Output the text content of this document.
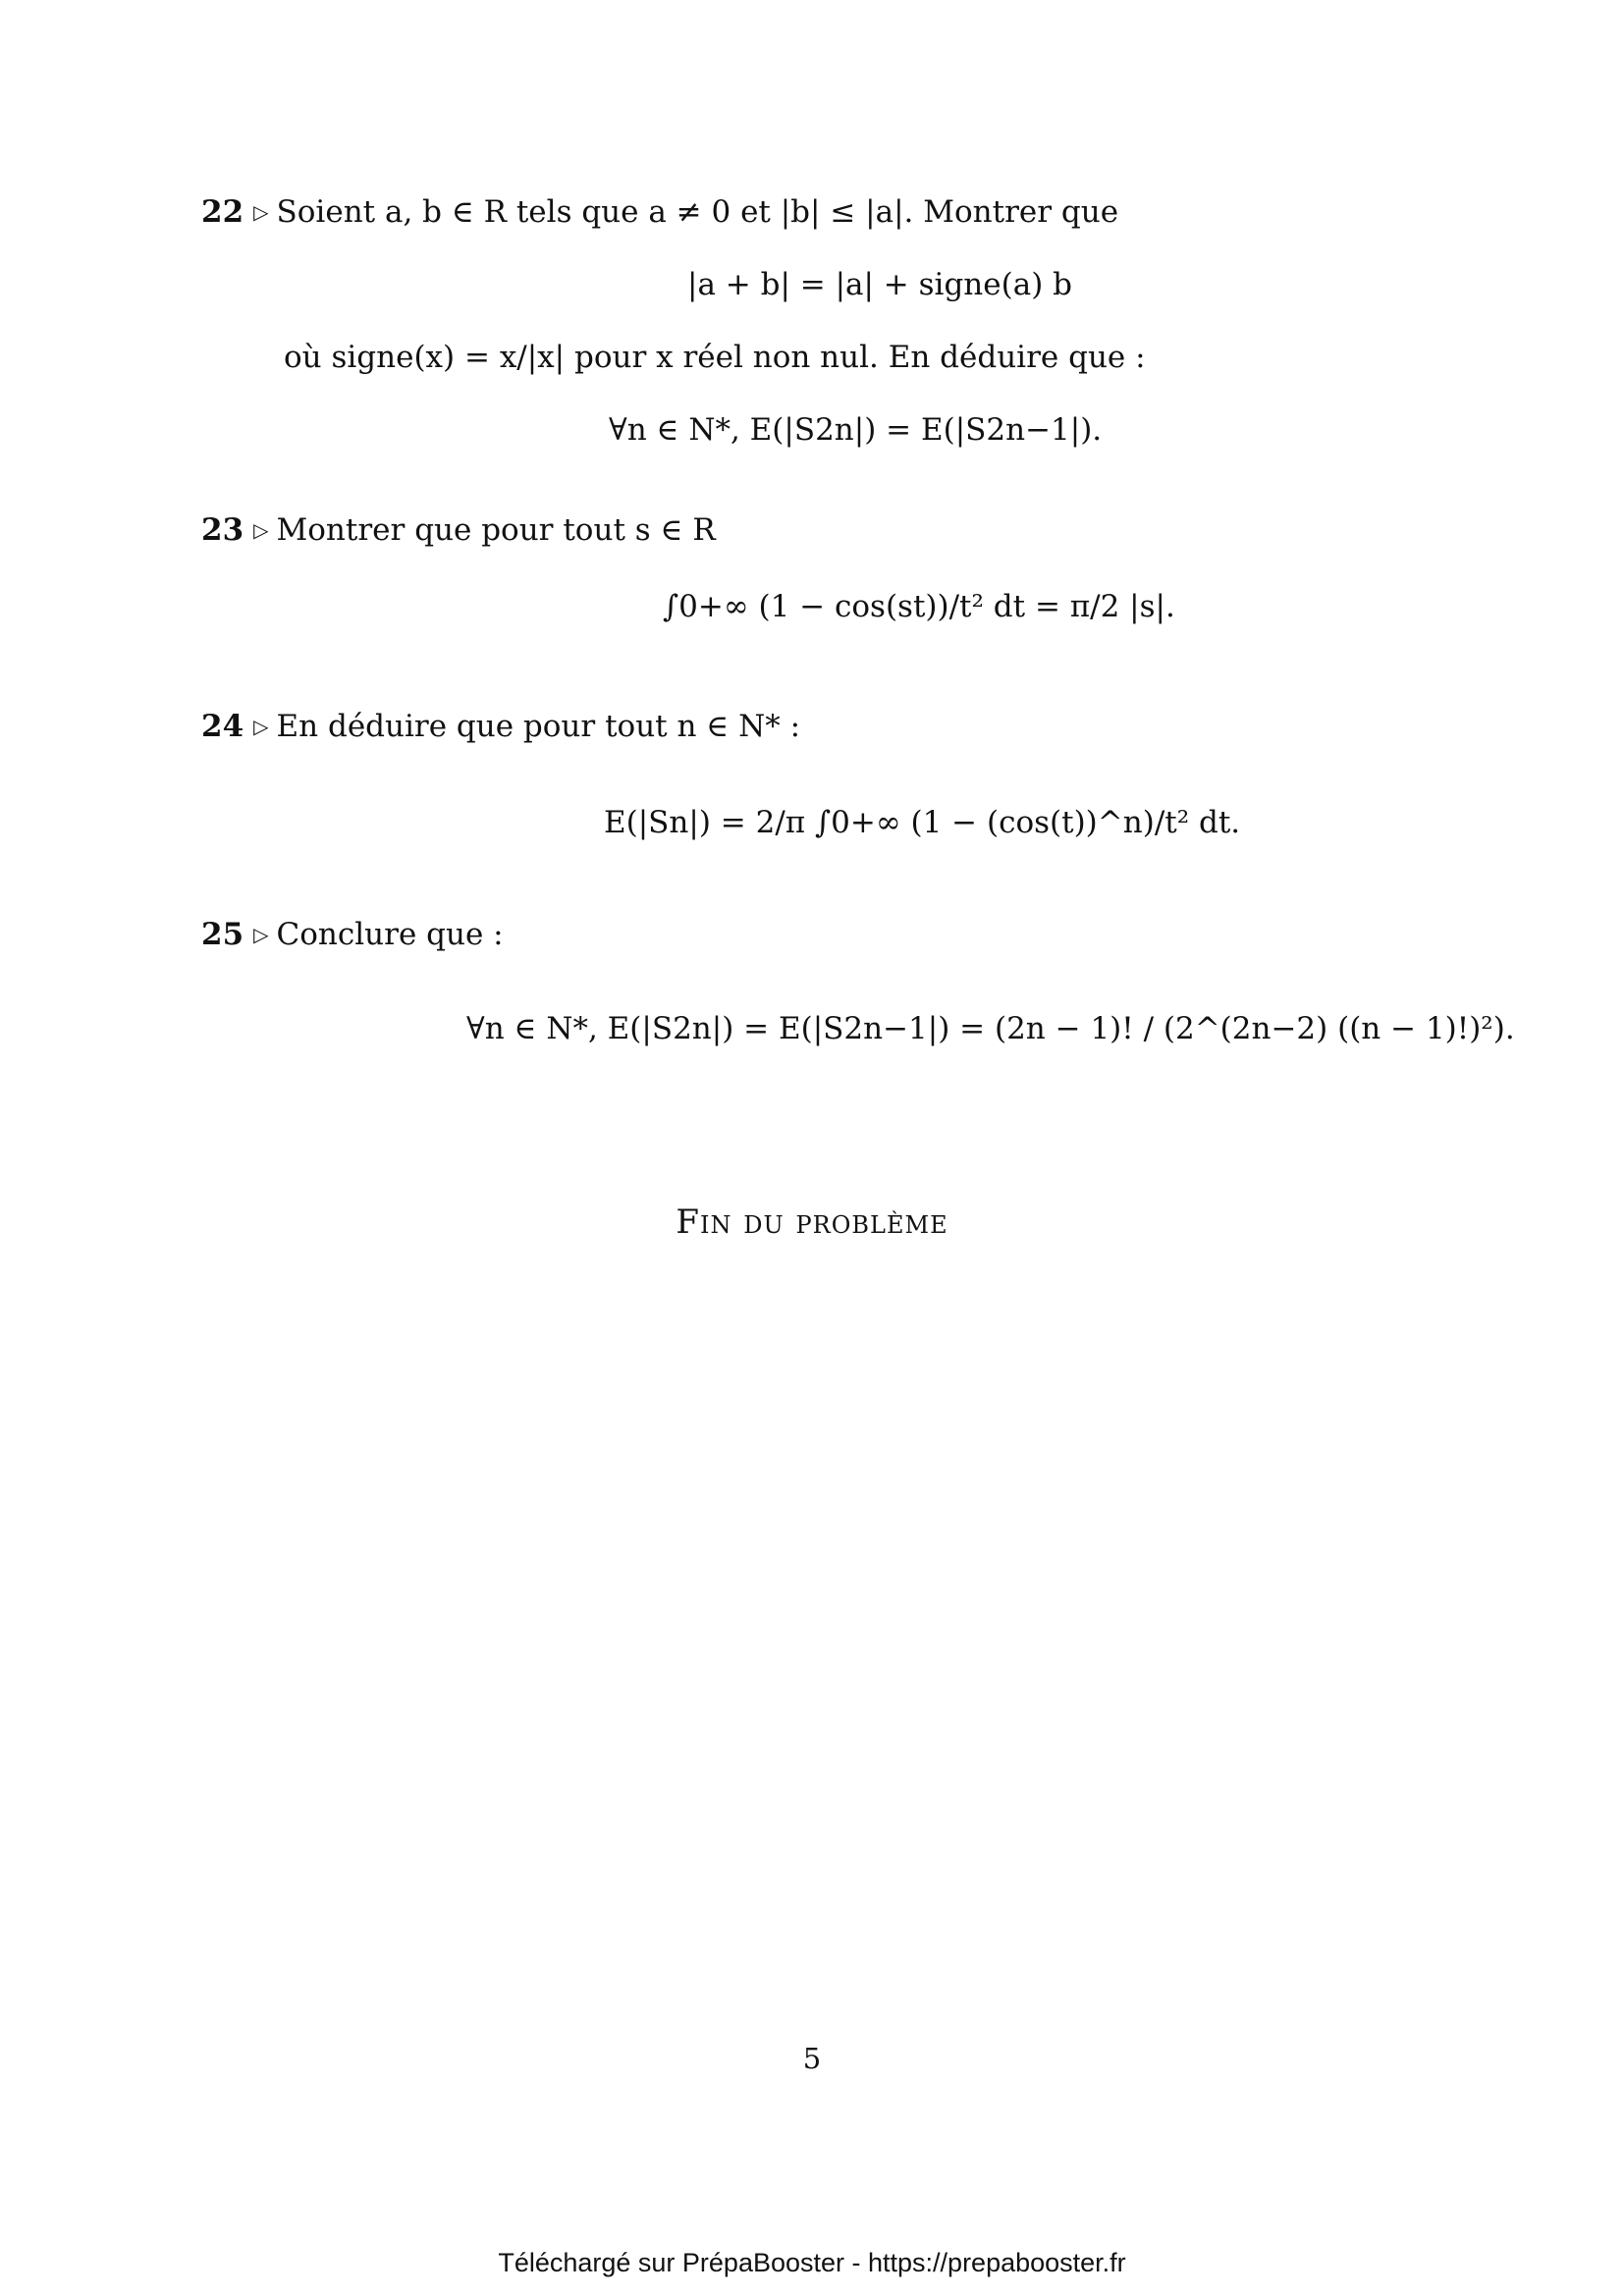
22 ▷ Soient a, b ∈ R tels que a ≠ 0 et |b| ≤ |a|. Montrer que
|a + b| = |a| + signe(a) b
où signe(x) = x/|x| pour x réel non nul. En déduire que :
∀n ∈ N*, E(|S2n|) = E(|S2n−1|).
23 ▷ Montrer que pour tout s ∈ R
∫0+∞ (1 − cos(st))/t² dt = π/2 |s|.
24 ▷ En déduire que pour tout n ∈ N* :
E(|Sn|) = 2/π ∫0+∞ (1 − (cos(t))^n)/t² dt.
25 ▷ Conclure que :
∀n ∈ N*, E(|S2n|) = E(|S2n−1|) = (2n − 1)! / (2^(2n−2) ((n − 1)!)²).
Fin du problème
5
Téléchargé sur PrépaBooster - https://prepabooster.fr
